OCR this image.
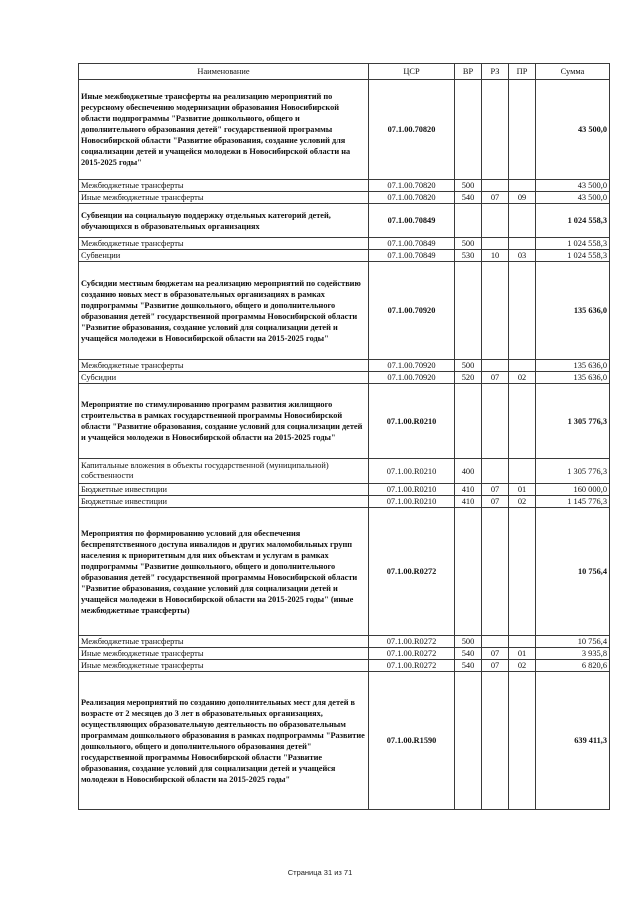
Наименование	ЦСР	ВР	РЗ	ПР	Сумма
Иные межбюджетные трансферты на реализацию мероприятий по ресурсному обеспечению модернизации образования Новосибирской области подпрограммы "Развитие дошкольного, общего и дополнительного образования детей" государственной программы Новосибирской области "Развитие образования, создание условий для социализации детей и учащейся молодежи в Новосибирской области на 2015-2025 годы"	07.1.00.70820				43 500,0
Межбюджетные трансферты	07.1.00.70820	500			43 500,0
Иные межбюджетные трансферты	07.1.00.70820	540	07	09	43 500,0
Субвенции на социальную поддержку отдельных категорий детей, обучающихся в образовательных организациях	07.1.00.70849				1 024 558,3
Межбюджетные трансферты	07.1.00.70849	500			1 024 558,3
Субвенции	07.1.00.70849	530	10	03	1 024 558,3
Субсидии местным бюджетам на реализацию мероприятий по содействию созданию новых мест в образовательных организациях в рамках подпрограммы "Развитие дошкольного, общего и дополнительного образования детей" государственной программы Новосибирской области "Развитие образования, создание условий для социализации детей и учащейся молодежи в Новосибирской области на 2015-2025 годы"	07.1.00.70920				135 636,0
Межбюджетные трансферты	07.1.00.70920	500			135 636,0
Субсидии	07.1.00.70920	520	07	02	135 636,0
Мероприятие по стимулированию программ развития жилищного строительства в рамках государственной программы Новосибирской области "Развитие образования, создание условий для социализации детей и учащейся молодежи в Новосибирской области на 2015-2025 годы"	07.1.00.R0210				1 305 776,3
Капитальные вложения в объекты государственной (муниципальной) собственности	07.1.00.R0210	400			1 305 776,3
Бюджетные инвестиции	07.1.00.R0210	410	07	01	160 000,0
Бюджетные инвестиции	07.1.00.R0210	410	07	02	1 145 776,3
Мероприятия по формированию условий для обеспечения беспрепятственного доступа инвалидов и других маломобильных групп населения к приоритетным для них объектам и услугам в рамках подпрограммы "Развитие дошкольного, общего и дополнительного образования детей" государственной программы Новосибирской области "Развитие образования, создание условий для социализации детей и учащейся молодежи в Новосибирской области на 2015-2025 годы" (иные межбюджетные трансферты)	07.1.00.R0272				10 756,4
Межбюджетные трансферты	07.1.00.R0272	500			10 756,4
Иные межбюджетные трансферты	07.1.00.R0272	540	07	01	3 935,8
Иные межбюджетные трансферты	07.1.00.R0272	540	07	02	6 820,6
Реализация мероприятий по созданию дополнительных мест для детей в возрасте от 2 месяцев до 3 лет в образовательных организациях, осуществляющих образовательную деятельность по образовательным программам дошкольного образования в рамках подпрограммы "Развитие дошкольного, общего и дополнительного образования детей" государственной программы Новосибирской области "Развитие образования, создание условий для социализации детей и учащейся молодежи в Новосибирской области на 2015-2025 годы"	07.1.00.R1590				639 411,3
Страница 31 из 71
